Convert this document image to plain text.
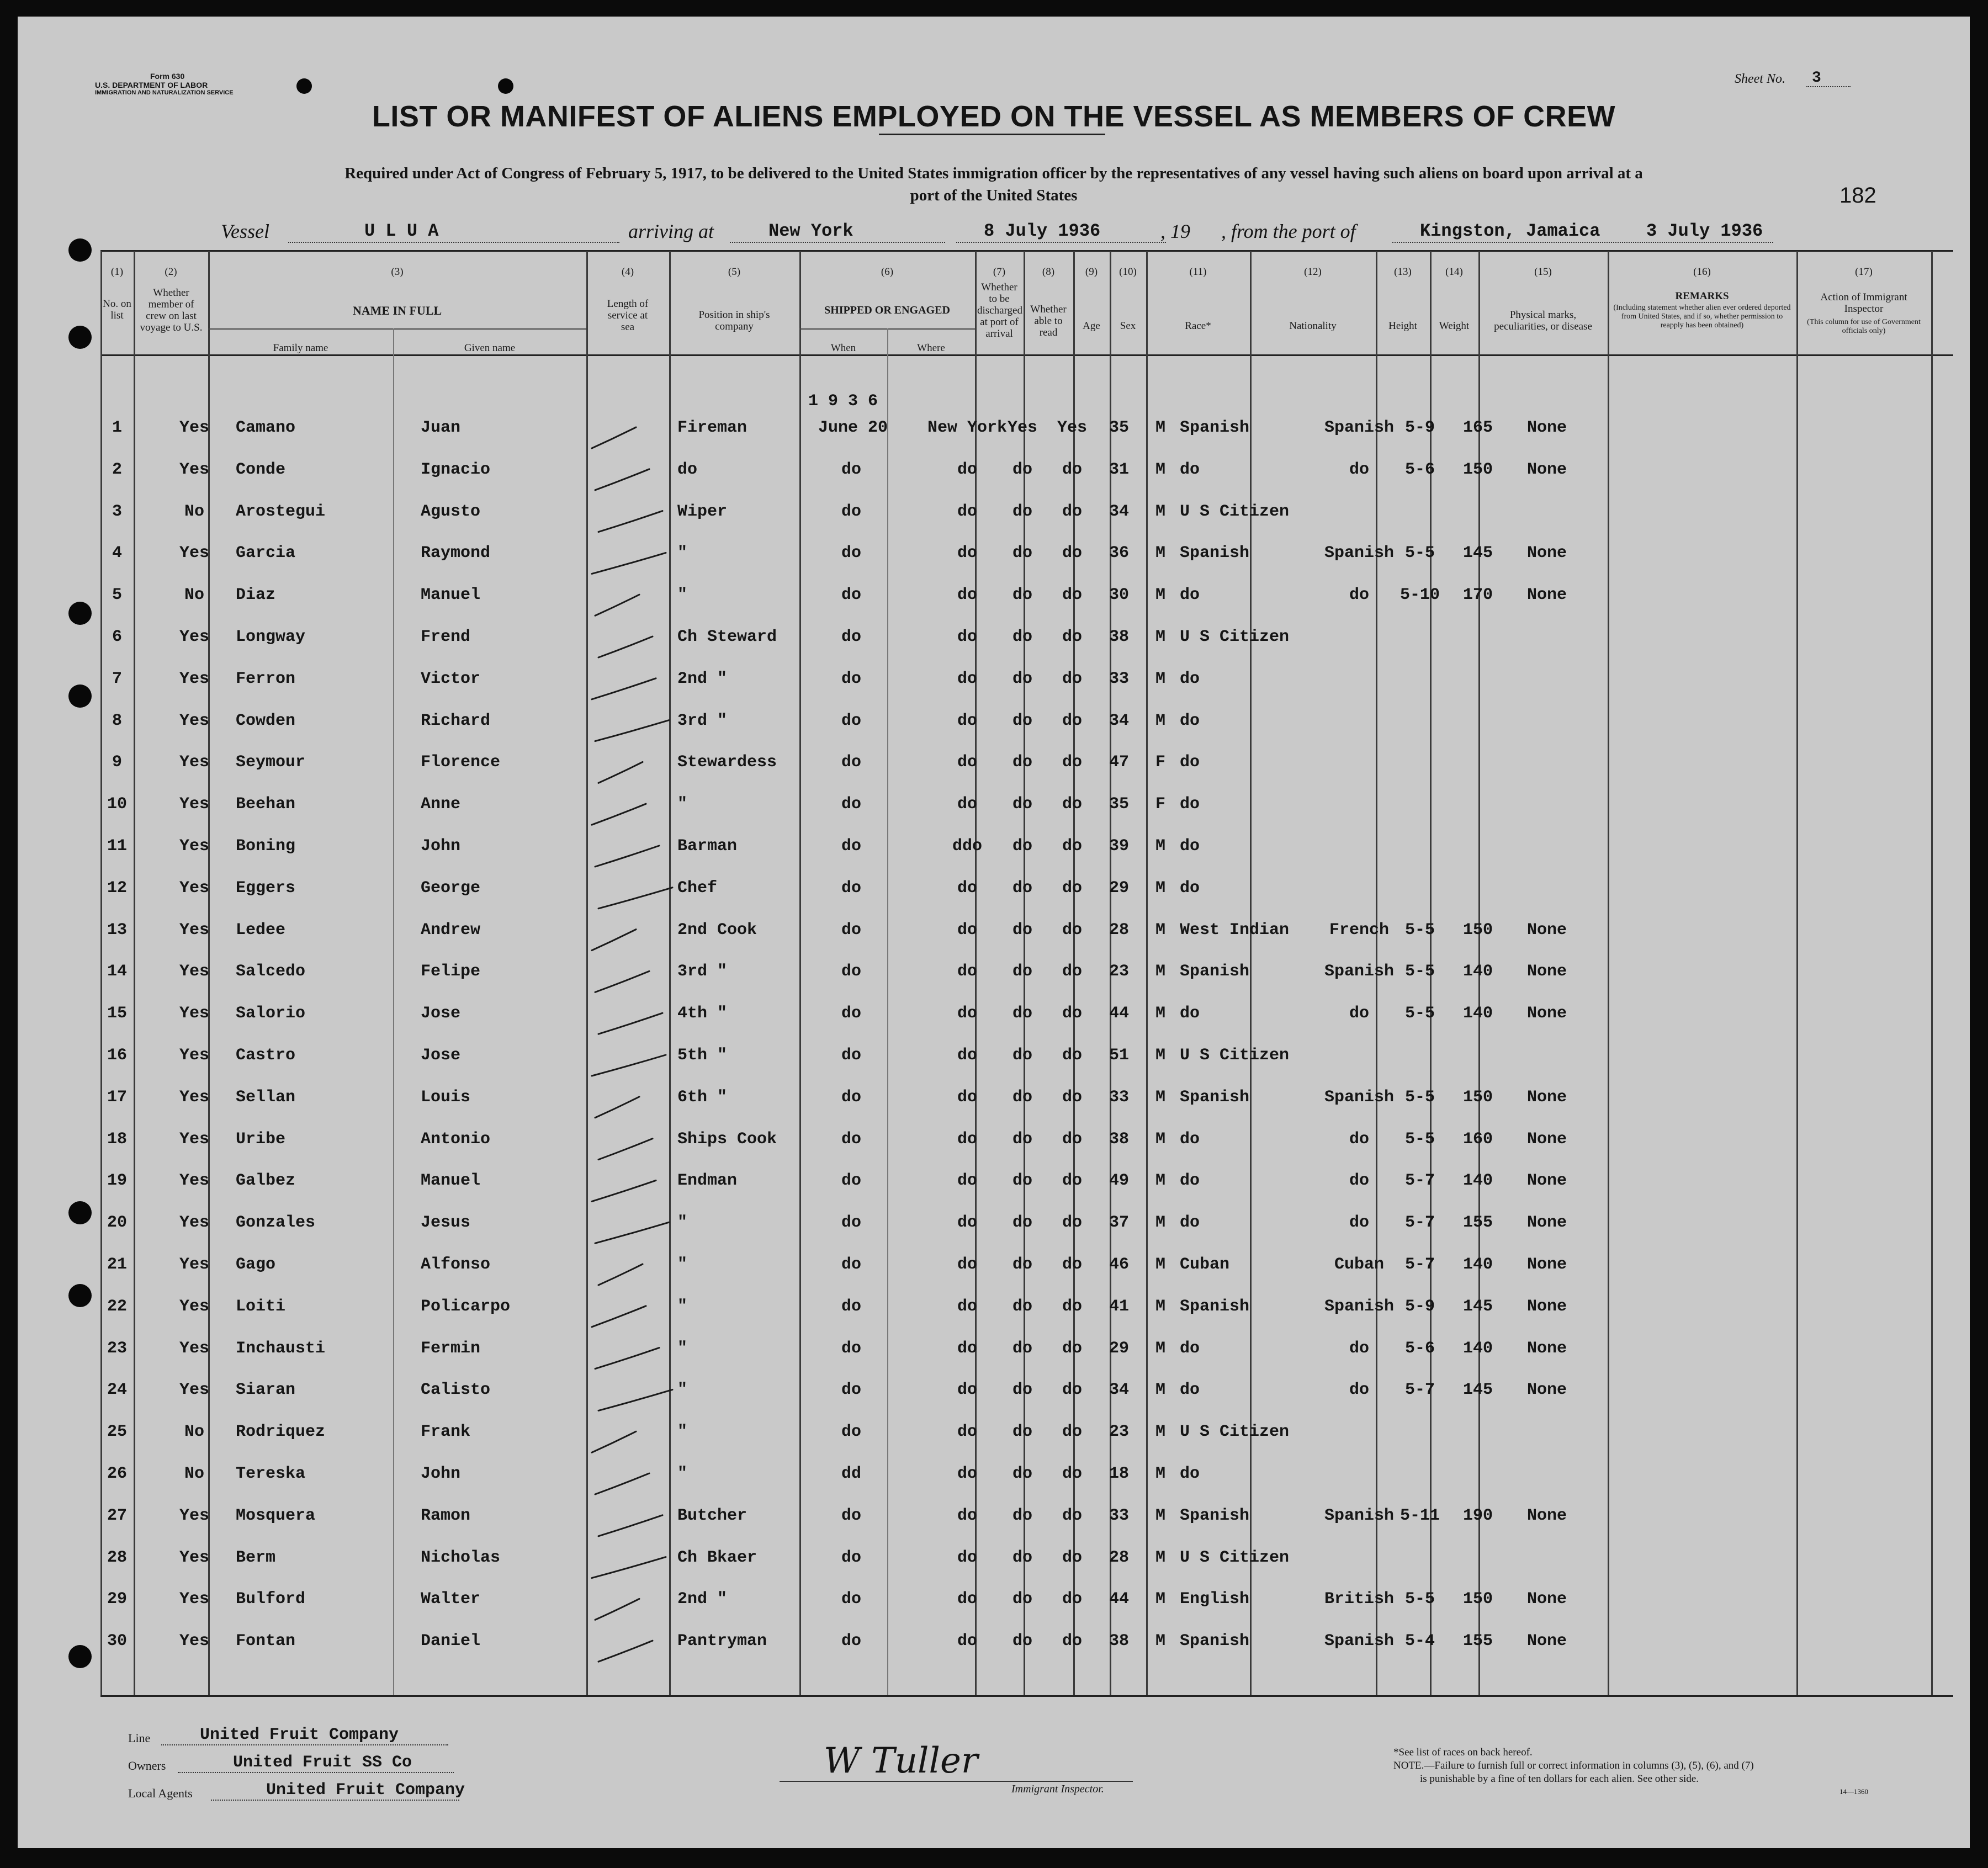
Form 630
U.S. DEPARTMENT OF LABOR
IMMIGRATION AND NATURALIZATION SERVICE
Sheet No. 3
LIST OR MANIFEST OF ALIENS EMPLOYED ON THE VESSEL AS MEMBERS OF CREW
Required under Act of Congress of February 5, 1917, to be delivered to the United States immigration officer by the representatives of any vessel having such aliens on board upon arrival at a
port of the United States	182
Vessel	U L U A	arriving at	New York	8 July 1936	, 19 , from the port of	Kingston, Jamaica	3 July 1936
(1)
No. on list
(2)
Whether member of crew on last voyage to U.S.
(3)
NAME IN FULL
Family name	Given name
(4)
Length of service at sea
(5)
Position in ship's company
(6)
SHIPPED OR ENGAGED
When	Where
(7)
Whether to be discharged at port of arrival
(8)
Whether able to read
(9)
Age
(10)
Sex
(11)
Race*
(12)
Nationality
(13)
Height
(14)
Weight
(15)
Physical marks, peculiarities, or disease
(16)
REMARKS
(Including statement whether alien ever ordered deported from United States, and if so, whether permission to reapply has been obtained)
(17)
Action of Immigrant Inspector
(This column for use of Government officials only)
1 9 3 6
1	Yes	Camano	Juan	Fireman	June 20	New York Yes	Yes	35	M Spanish	Spanish 5-9	165	None
2	Yes	Conde	Ignacio	do	do	do	do	do	31	M do	do	5-6	150	None
3	No	Arostegui	Agusto	Wiper	do	do	do	do	34	M U S Citizen
4	Yes	Garcia	Raymond	"	do	do	do	do	36	M Spanish	Spanish 5-5	145	None
5	No	Diaz	Manuel	"	do	do	do	do	30	M do	do	5-10	170	None
6	Yes	Longway	Frend	Ch Steward	do	do	do	do	38	M U S Citizen
7	Yes	Ferron	Victor	2nd "	do	do	do	do	33	M do
8	Yes	Cowden	Richard	3rd "	do	do	do	do	34	M do
9	Yes	Seymour	Florence	Stewardess	do	do	do	do	47	F do
10	Yes	Beehan	Anne	"	do	do	do	do	35	F do
11	Yes	Boning	John	Barman	do	ddo	do	do	39	M do
12	Yes	Eggers	George	Chef	do	do	do	do	29	M do
13	Yes	Ledee	Andrew	2nd Cook	do	do	do	do	28	M West Indian	French 5-5	150	None
14	Yes	Salcedo	Felipe	3rd "	do	do	do	do	23	M Spanish	Spanish 5-5	140	None
15	Yes	Salorio	Jose	4th "	do	do	do	do	44	M do	do	5-5	140	None
16	Yes	Castro	Jose	5th "	do	do	do	do	51	M U S Citizen
17	Yes	Sellan	Louis	6th "	do	do	do	do	33	M Spanish	Spanish 5-5	150	None
18	Yes	Uribe	Antonio	Ships Cook	do	do	do	do	38	M do	do	5-5	160	None
19	Yes	Galbez	Manuel	Endman	do	do	do	do	49	M do	do	5-7	140	None
20	Yes	Gonzales	Jesus	"	do	do	do	do	37	M do	do	5-7	155	None
21	Yes	Gago	Alfonso	"	do	do	do	do	46	M Cuban	Cuban	5-7	140	None
22	Yes	Loiti	Policarpo	"	do	do	do	do	41	M Spanish	Spanish 5-9	145	None
23	Yes	Inchausti	Fermin	"	do	do	do	do	29	M do	do	5-6	140	None
24	Yes	Siaran	Calisto	"	do	do	do	do	34	M do	do	5-7	145	None
25	No	Rodriquez	Frank	"	do	do	do	do	23	M U S Citizen
26	No	Tereska	John	"	dd	do	do	do	18	M do
27	Yes	Mosquera	Ramon	Butcher	do	do	do	do	33	M Spanish	Spanish 5-11	190	None
28	Yes	Berm	Nicholas	Ch Bkaer	do	do	do	do	28	M U S Citizen
29	Yes	Bulford	Walter	2nd "	do	do	do	do	44	M English	British 5-5	150	None
30	Yes	Fontan	Daniel	Pantryman	do	do	do	do	38	M Spanish	Spanish 5-4	155	None
Line	United Fruit Company
Owners	United Fruit SS Co
Local Agents	United Fruit Company
W Tuller
Immigrant Inspector.
*See list of races on back hereof.
NOTE.—Failure to furnish full or correct information in columns (3), (5), (6), and (7)
is punishable by a fine of ten dollars for each alien. See other side.
14—1360
